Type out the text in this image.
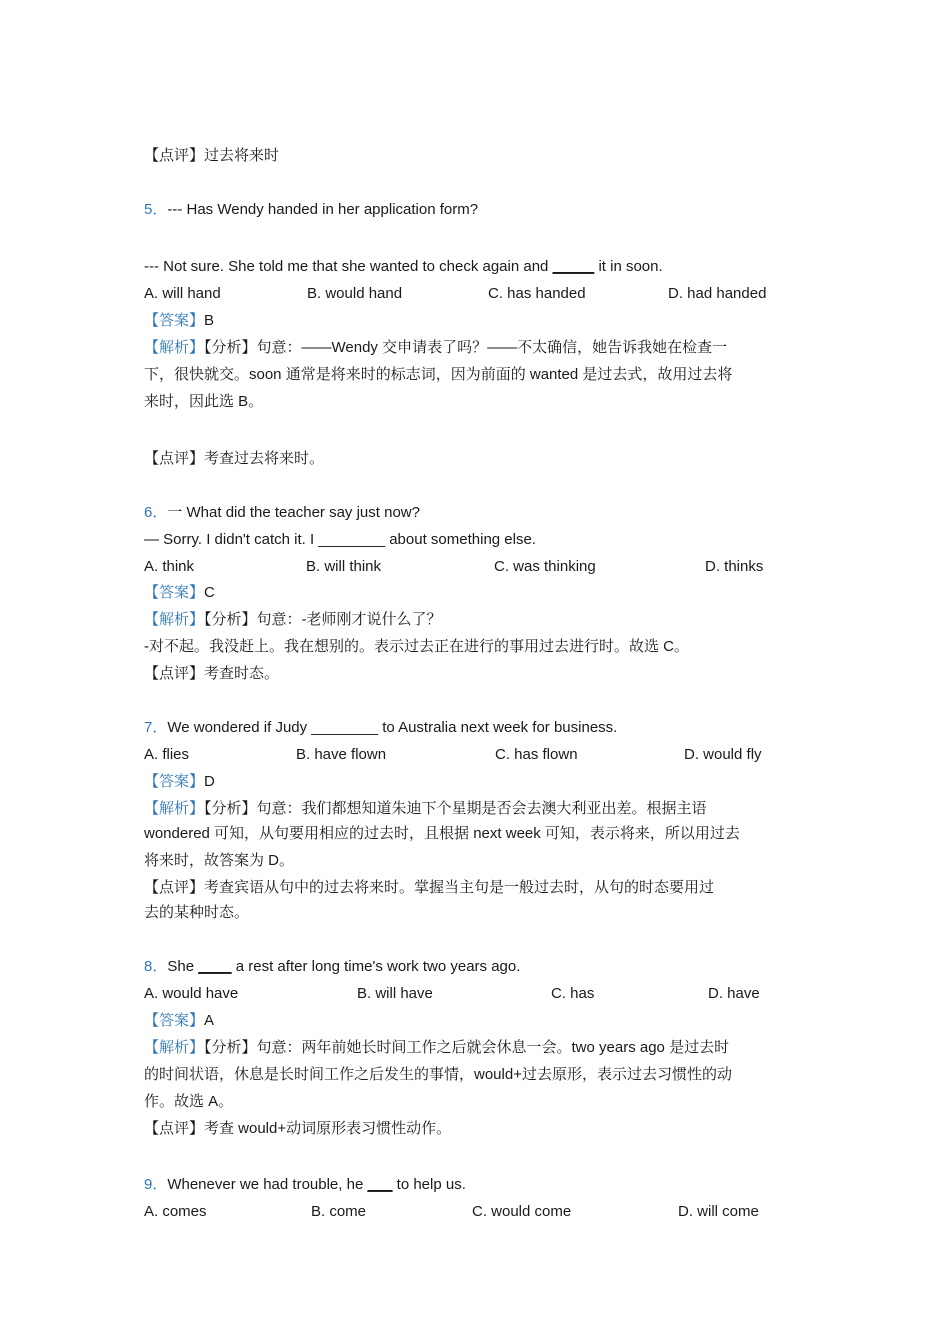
【点评】过去将来时
5．--- Has Wendy handed in her application form?
--- Not sure. She told me that she wanted to check again and _____ it in soon.
A. will hand	B. would hand	C. has handed	D. had handed
【答案】B
【解析】【分析】句意：——Wendy 交申请表了吗？——不太确信，她告诉我她在检查一
下，很快就交。soon 通常是将来时的标志词，因为前面的 wanted 是过去式，故用过去将
来时，因此选 B。
【点评】考查过去将来时。
6．一 What did the teacher say just now?
— Sorry. I didn't catch it. I ________ about something else.
A. think	B. will think	C. was thinking	D. thinks
【答案】C
【解析】【分析】句意：-老师刚才说什么了？
-对不起。我没赶上。我在想别的。表示过去正在进行的事用过去进行时。故选 C。
【点评】考查时态。
7．We wondered if Judy ________ to Australia next week for business.
A. flies	B. have flown	C. has flown	D. would fly
【答案】D
【解析】【分析】句意：我们都想知道朱迪下个星期是否会去澳大利亚出差。根据主语
wondered 可知，从句要用相应的过去时，且根据 next week 可知，表示将来，所以用过去
将来时，故答案为 D。
【点评】考查宾语从句中的过去将来时。掌握当主句是一般过去时，从句的时态要用过
去的某种时态。
8．She ____ a rest after long time's work two years ago.
A. would have	B. will have	C. has	D. have
【答案】A
【解析】【分析】句意：两年前她长时间工作之后就会休息一会。two years ago 是过去时
的时间状语，休息是长时间工作之后发生的事情，would+过去原形，表示过去习惯性的动
作。故选 A。
【点评】考查 would+动词原形表习惯性动作。
9．Whenever we had trouble, he ___ to help us.
A. comes	B. come	C. would come	D. will come
